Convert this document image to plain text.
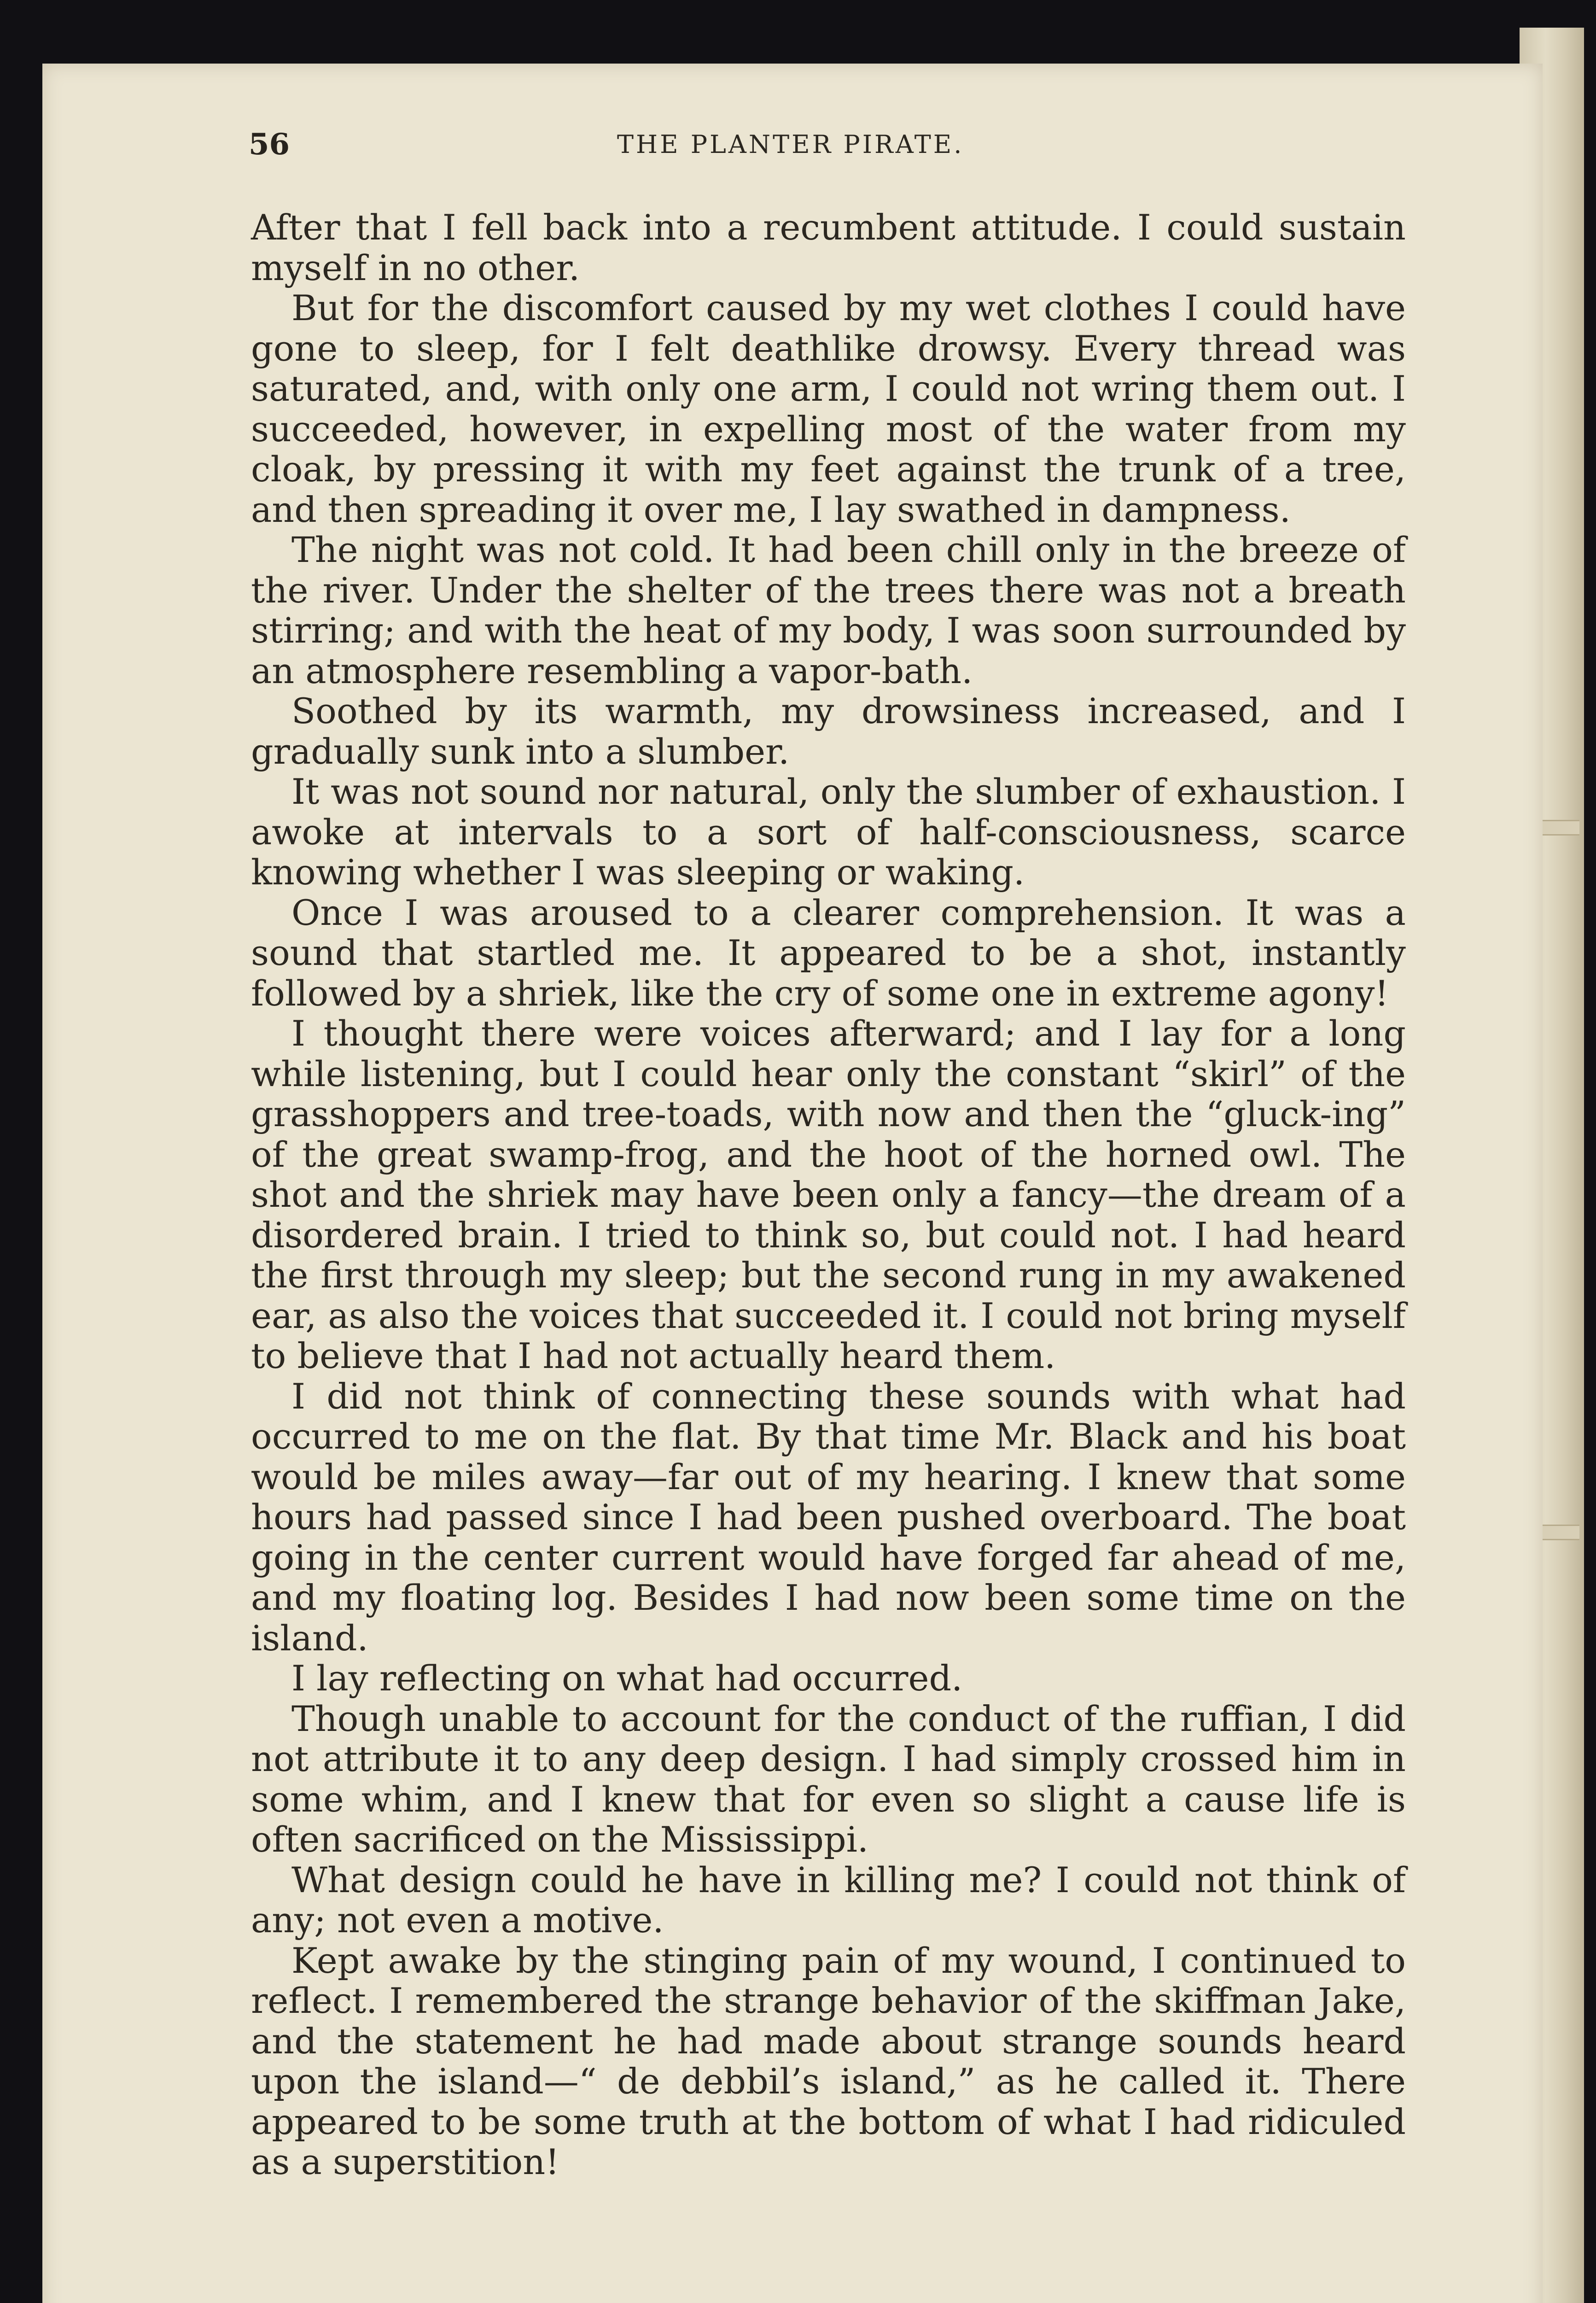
56	THE PLANTER PIRATE.

After that I fell back into a recumbent attitude. I could sustain myself in no other.

But for the discomfort caused by my wet clothes I could have gone to sleep, for I felt deathlike drowsy. Every thread was saturated, and, with only one arm, I could not wring them out. I succeeded, however, in expelling most of the water from my cloak, by pressing it with my feet against the trunk of a tree, and then spreading it over me, I lay swathed in dampness.

The night was not cold. It had been chill only in the breeze of the river. Under the shelter of the trees there was not a breath stirring; and with the heat of my body, I was soon surrounded by an atmosphere resembling a vapor-bath.

Soothed by its warmth, my drowsiness increased, and I gradually sunk into a slumber.

It was not sound nor natural, only the slumber of exhaustion. I awoke at intervals to a sort of half-consciousness, scarce knowing whether I was sleeping or waking.

Once I was aroused to a clearer comprehension. It was a sound that startled me. It appeared to be a shot, instantly followed by a shriek, like the cry of some one in extreme agony!

I thought there were voices afterward; and I lay for a long while listening, but I could hear only the constant “skirl” of the grasshoppers and tree-toads, with now and then the “gluck-ing” of the great swamp-frog, and the hoot of the horned owl. The shot and the shriek may have been only a fancy—the dream of a disordered brain. I tried to think so, but could not. I had heard the first through my sleep; but the second rung in my awakened ear, as also the voices that succeeded it. I could not bring myself to believe that I had not actually heard them.

I did not think of connecting these sounds with what had occurred to me on the flat. By that time Mr. Black and his boat would be miles away—far out of my hearing. I knew that some hours had passed since I had been pushed overboard. The boat going in the center current would have forged far ahead of me, and my floating log. Besides I had now been some time on the island.

I lay reflecting on what had occurred.

Though unable to account for the conduct of the ruffian, I did not attribute it to any deep design. I had simply crossed him in some whim, and I knew that for even so slight a cause life is often sacrificed on the Mississippi.

What design could he have in killing me? I could not think of any; not even a motive.

Kept awake by the stinging pain of my wound, I continued to reflect. I remembered the strange behavior of the skiffman Jake, and the statement he had made about strange sounds heard upon the island—“ de debbil’s island,” as he called it. There appeared to be some truth at the bottom of what I had ridiculed as a superstition!
